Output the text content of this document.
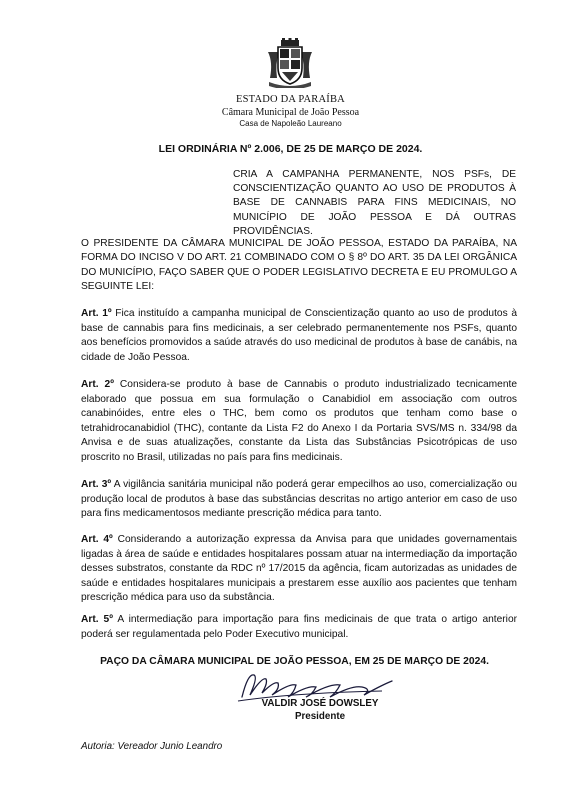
ESTADO DA PARAÍBA
Câmara Municipal de João Pessoa
Casa de Napoleão Laureano
LEI ORDINÁRIA Nº 2.006, DE 25 DE MARÇO DE 2024.
CRIA A CAMPANHA PERMANENTE, NOS PSFs, DE CONSCIENTIZAÇÃO QUANTO AO USO DE PRODUTOS À BASE DE CANNABIS PARA FINS MEDICINAIS, NO MUNICÍPIO DE JOÃO PESSOA E DÁ OUTRAS PROVIDÊNCIAS.
O PRESIDENTE DA CÂMARA MUNICIPAL DE JOÃO PESSOA, ESTADO DA PARAÍBA, NA FORMA DO INCISO V DO ART. 21 COMBINADO COM O § 8º DO ART. 35 DA LEI ORGÂNICA DO MUNICÍPIO, FAÇO SABER QUE O PODER LEGISLATIVO DECRETA E EU PROMULGO A SEGUINTE LEI:
Art. 1º Fica instituído a campanha municipal de Conscientização quanto ao uso de produtos à base de cannabis para fins medicinais, a ser celebrado permanentemente nos PSFs, quanto aos benefícios promovidos a saúde através do uso medicinal de produtos à base de canábis, na cidade de João Pessoa.
Art. 2º Considera-se produto à base de Cannabis o produto industrializado tecnicamente elaborado que possua em sua formulação o Canabidiol em associação com outros canabinóides, entre eles o THC, bem como os produtos que tenham como base o tetrahidrocanabidiol (THC), contante da Lista F2 do Anexo I da Portaria SVS/MS n. 334/98 da Anvisa e de suas atualizações, constante da Lista das Substâncias Psicotrópicas de uso proscrito no Brasil, utilizadas no país para fins medicinais.
Art. 3º A vigilância sanitária municipal não poderá gerar empecilhos ao uso, comercialização ou produção local de produtos à base das substâncias descritas no artigo anterior em caso de uso para fins medicamentosos mediante prescrição médica para tanto.
Art. 4º Considerando a autorização expressa da Anvisa para que unidades governamentais ligadas à área de saúde e entidades hospitalares possam atuar na intermediação da importação desses substratos, constante da RDC nº 17/2015 da agência, ficam autorizadas as unidades de saúde e entidades hospitalares municipais a prestarem esse auxílio aos pacientes que tenham prescrição médica para uso da substância.
Art. 5º A intermediação para importação para fins medicinais de que trata o artigo anterior poderá ser regulamentada pelo Poder Executivo municipal.
PAÇO DA CÂMARA MUNICIPAL DE JOÃO PESSOA, EM 25 DE MARÇO DE 2024.
VALDIR JOSÉ DOWSLEY
Presidente
Autoria: Vereador Junio Leandro
